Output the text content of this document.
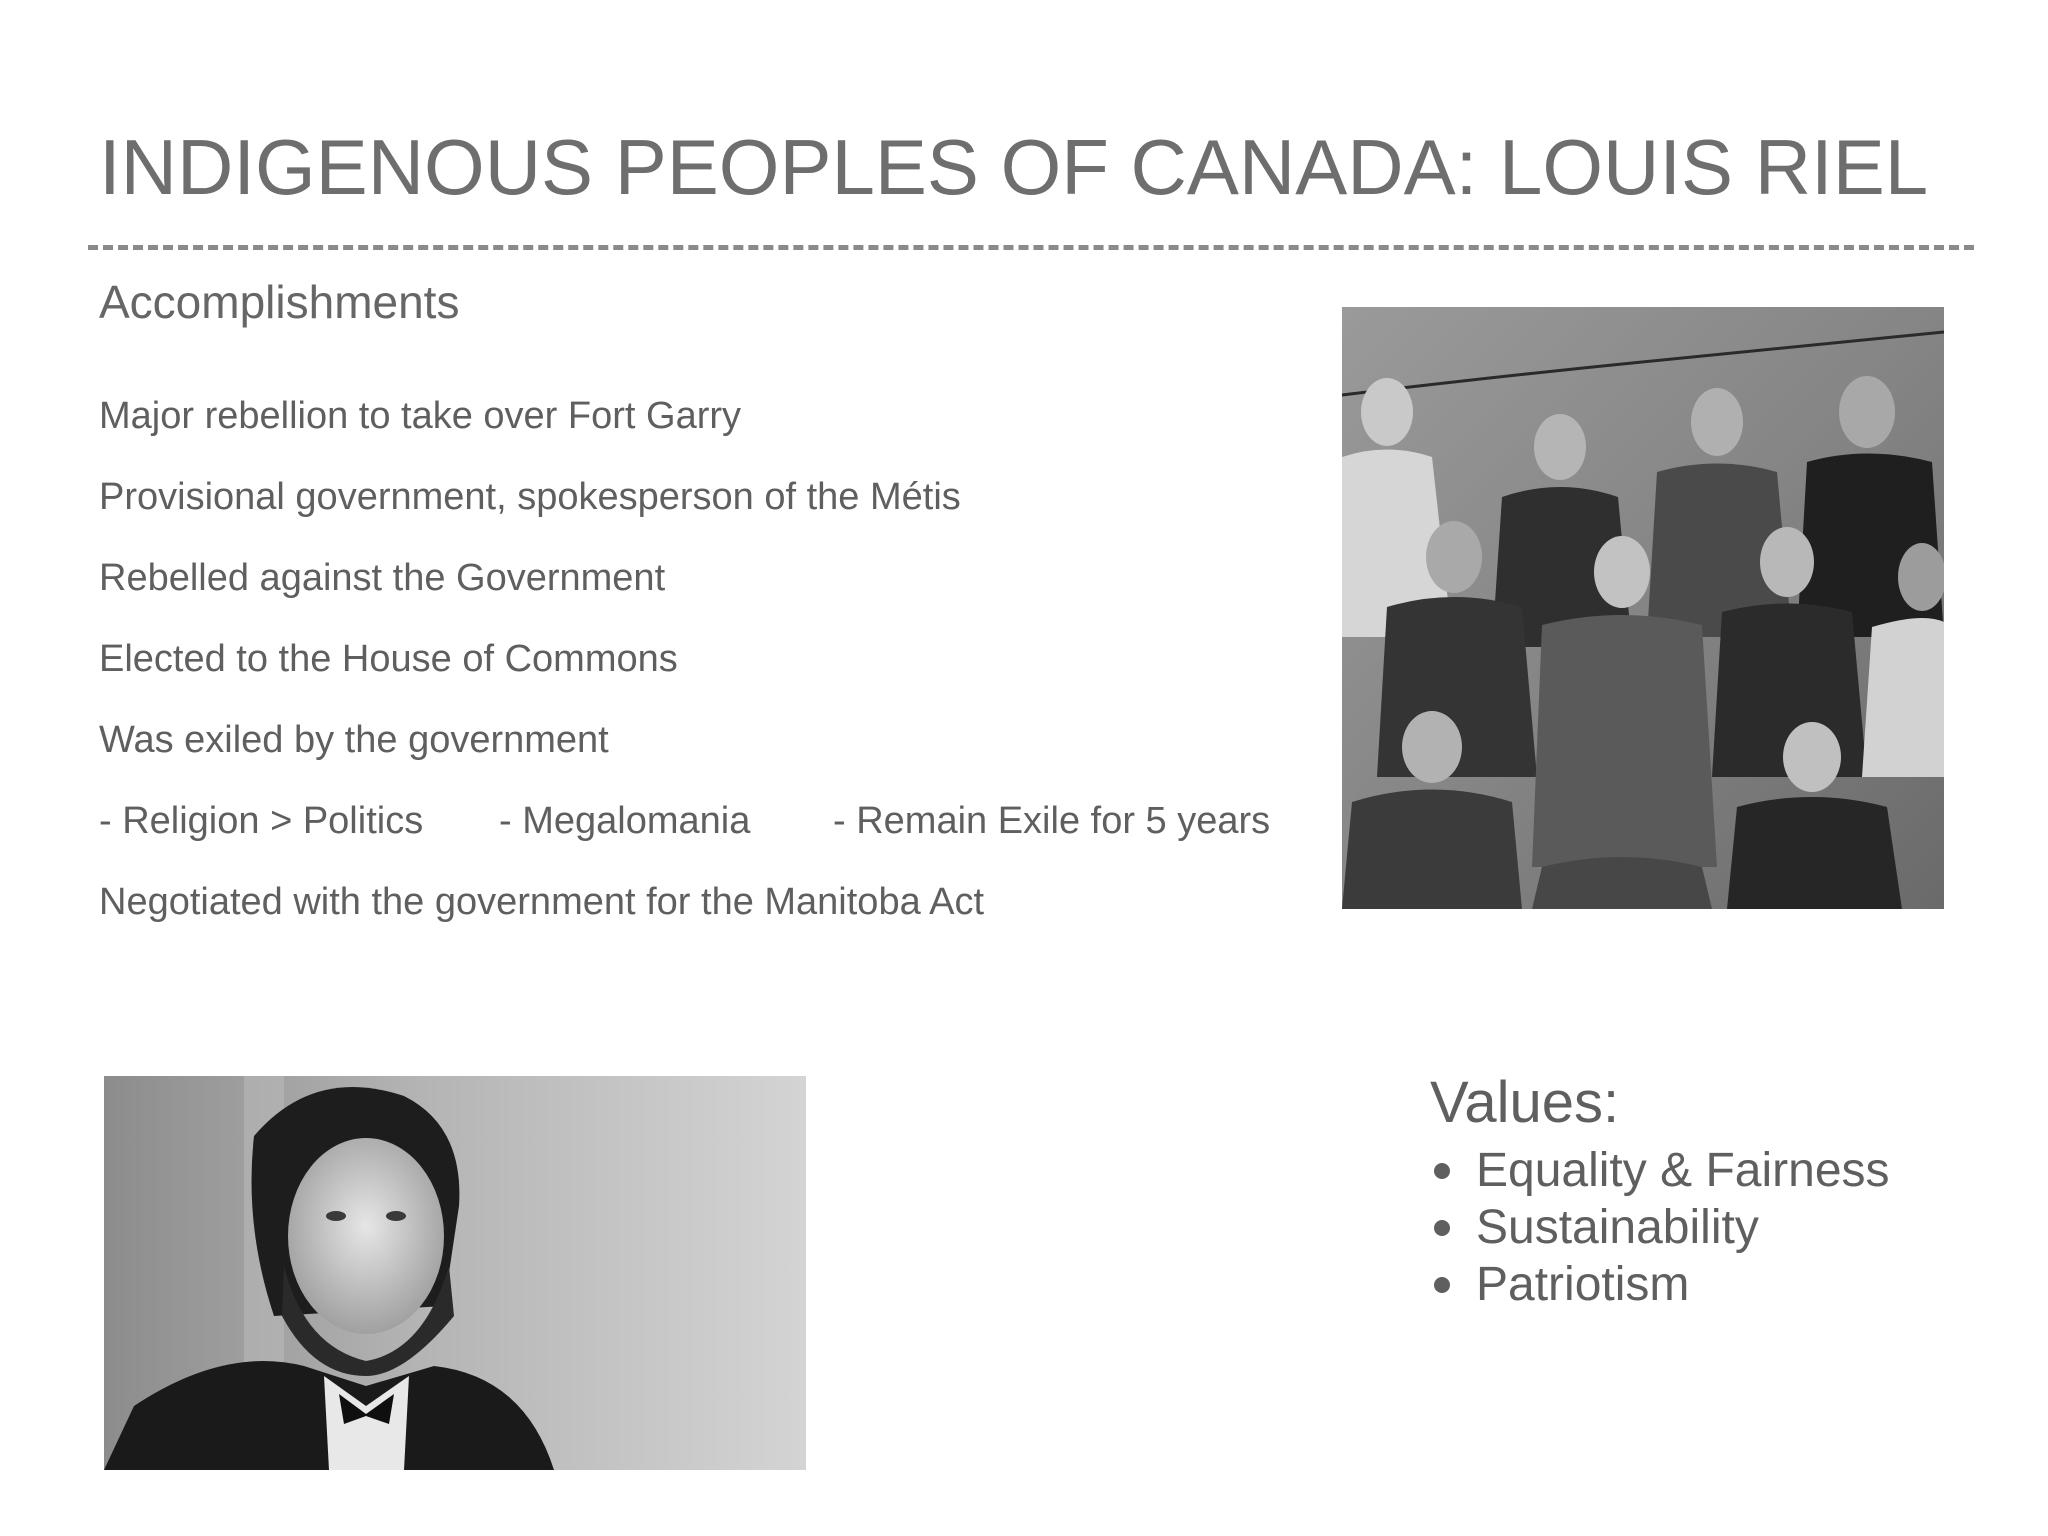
INDIGENOUS PEOPLES OF CANADA: LOUIS RIEL
Accomplishments
Major rebellion to take over Fort Garry
Provisional government, spokesperson of the Métis
Rebelled against the Government
Elected to the House of Commons
Was exiled by the government
- Religion > Politics - Megalomania - Remain Exile for 5 years
Negotiated with the government for the Manitoba Act
Values:
Equality & Fairness
Sustainability
Patriotism
